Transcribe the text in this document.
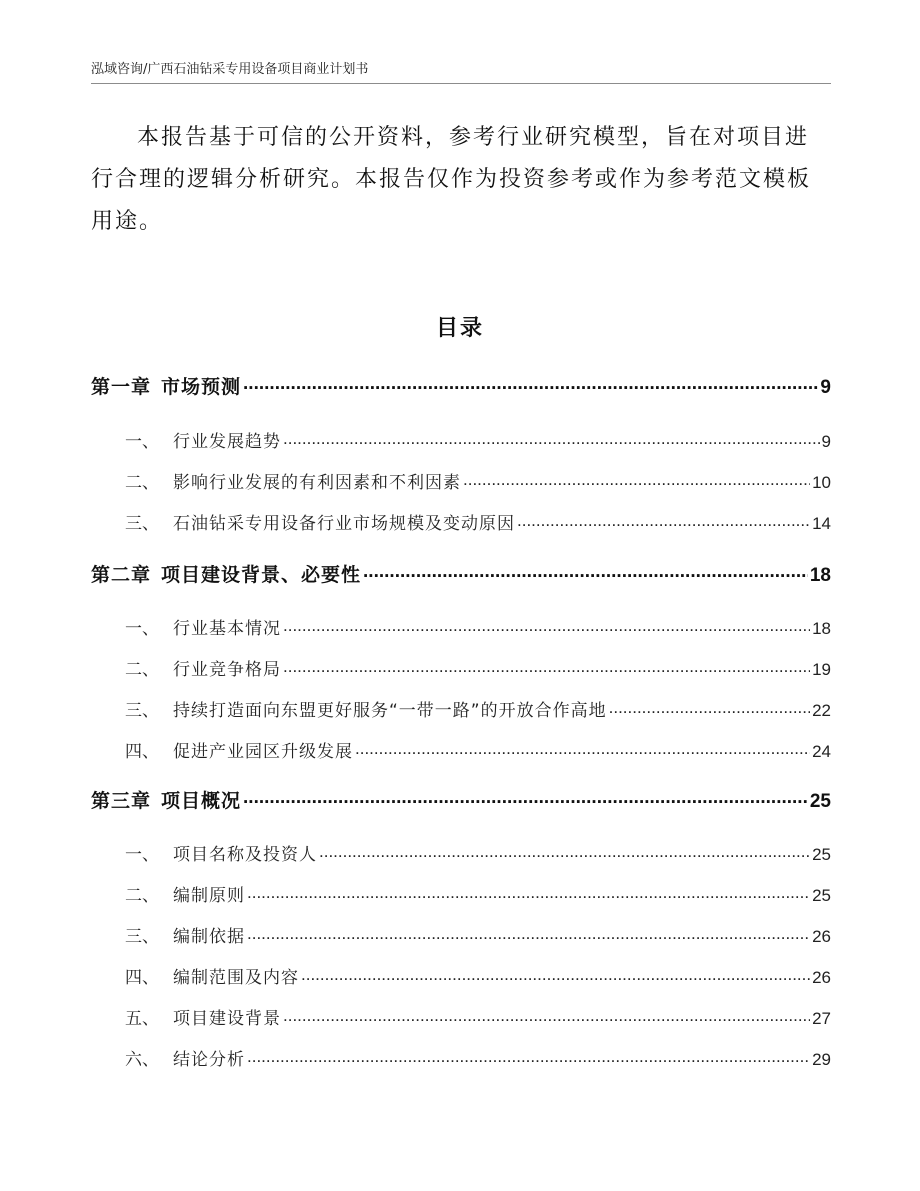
泓域咨询/广西石油钻采专用设备项目商业计划书

本报告基于可信的公开资料，参考行业研究模型，旨在对项目进行合理的逻辑分析研究。本报告仅作为投资参考或作为参考范文模板用途。

目录
第一章 市场预测 .....	9
一、 行业发展趋势 .....	9
二、 影响行业发展的有利因素和不利因素 .....	10
三、 石油钻采专用设备行业市场规模及变动原因 .....	14
第二章 项目建设背景、必要性 .....	18
一、 行业基本情况 .....	18
二、 行业竞争格局 .....	19
三、 持续打造面向东盟更好服务“一带一路”的开放合作高地 .....	22
四、 促进产业园区升级发展 .....	24
第三章 项目概况 .....	25
一、 项目名称及投资人 .....	25
二、 编制原则 .....	25
三、 编制依据 .....	26
四、 编制范围及内容 .....	26
五、 项目建设背景 .....	27
六、 结论分析 .....	29
